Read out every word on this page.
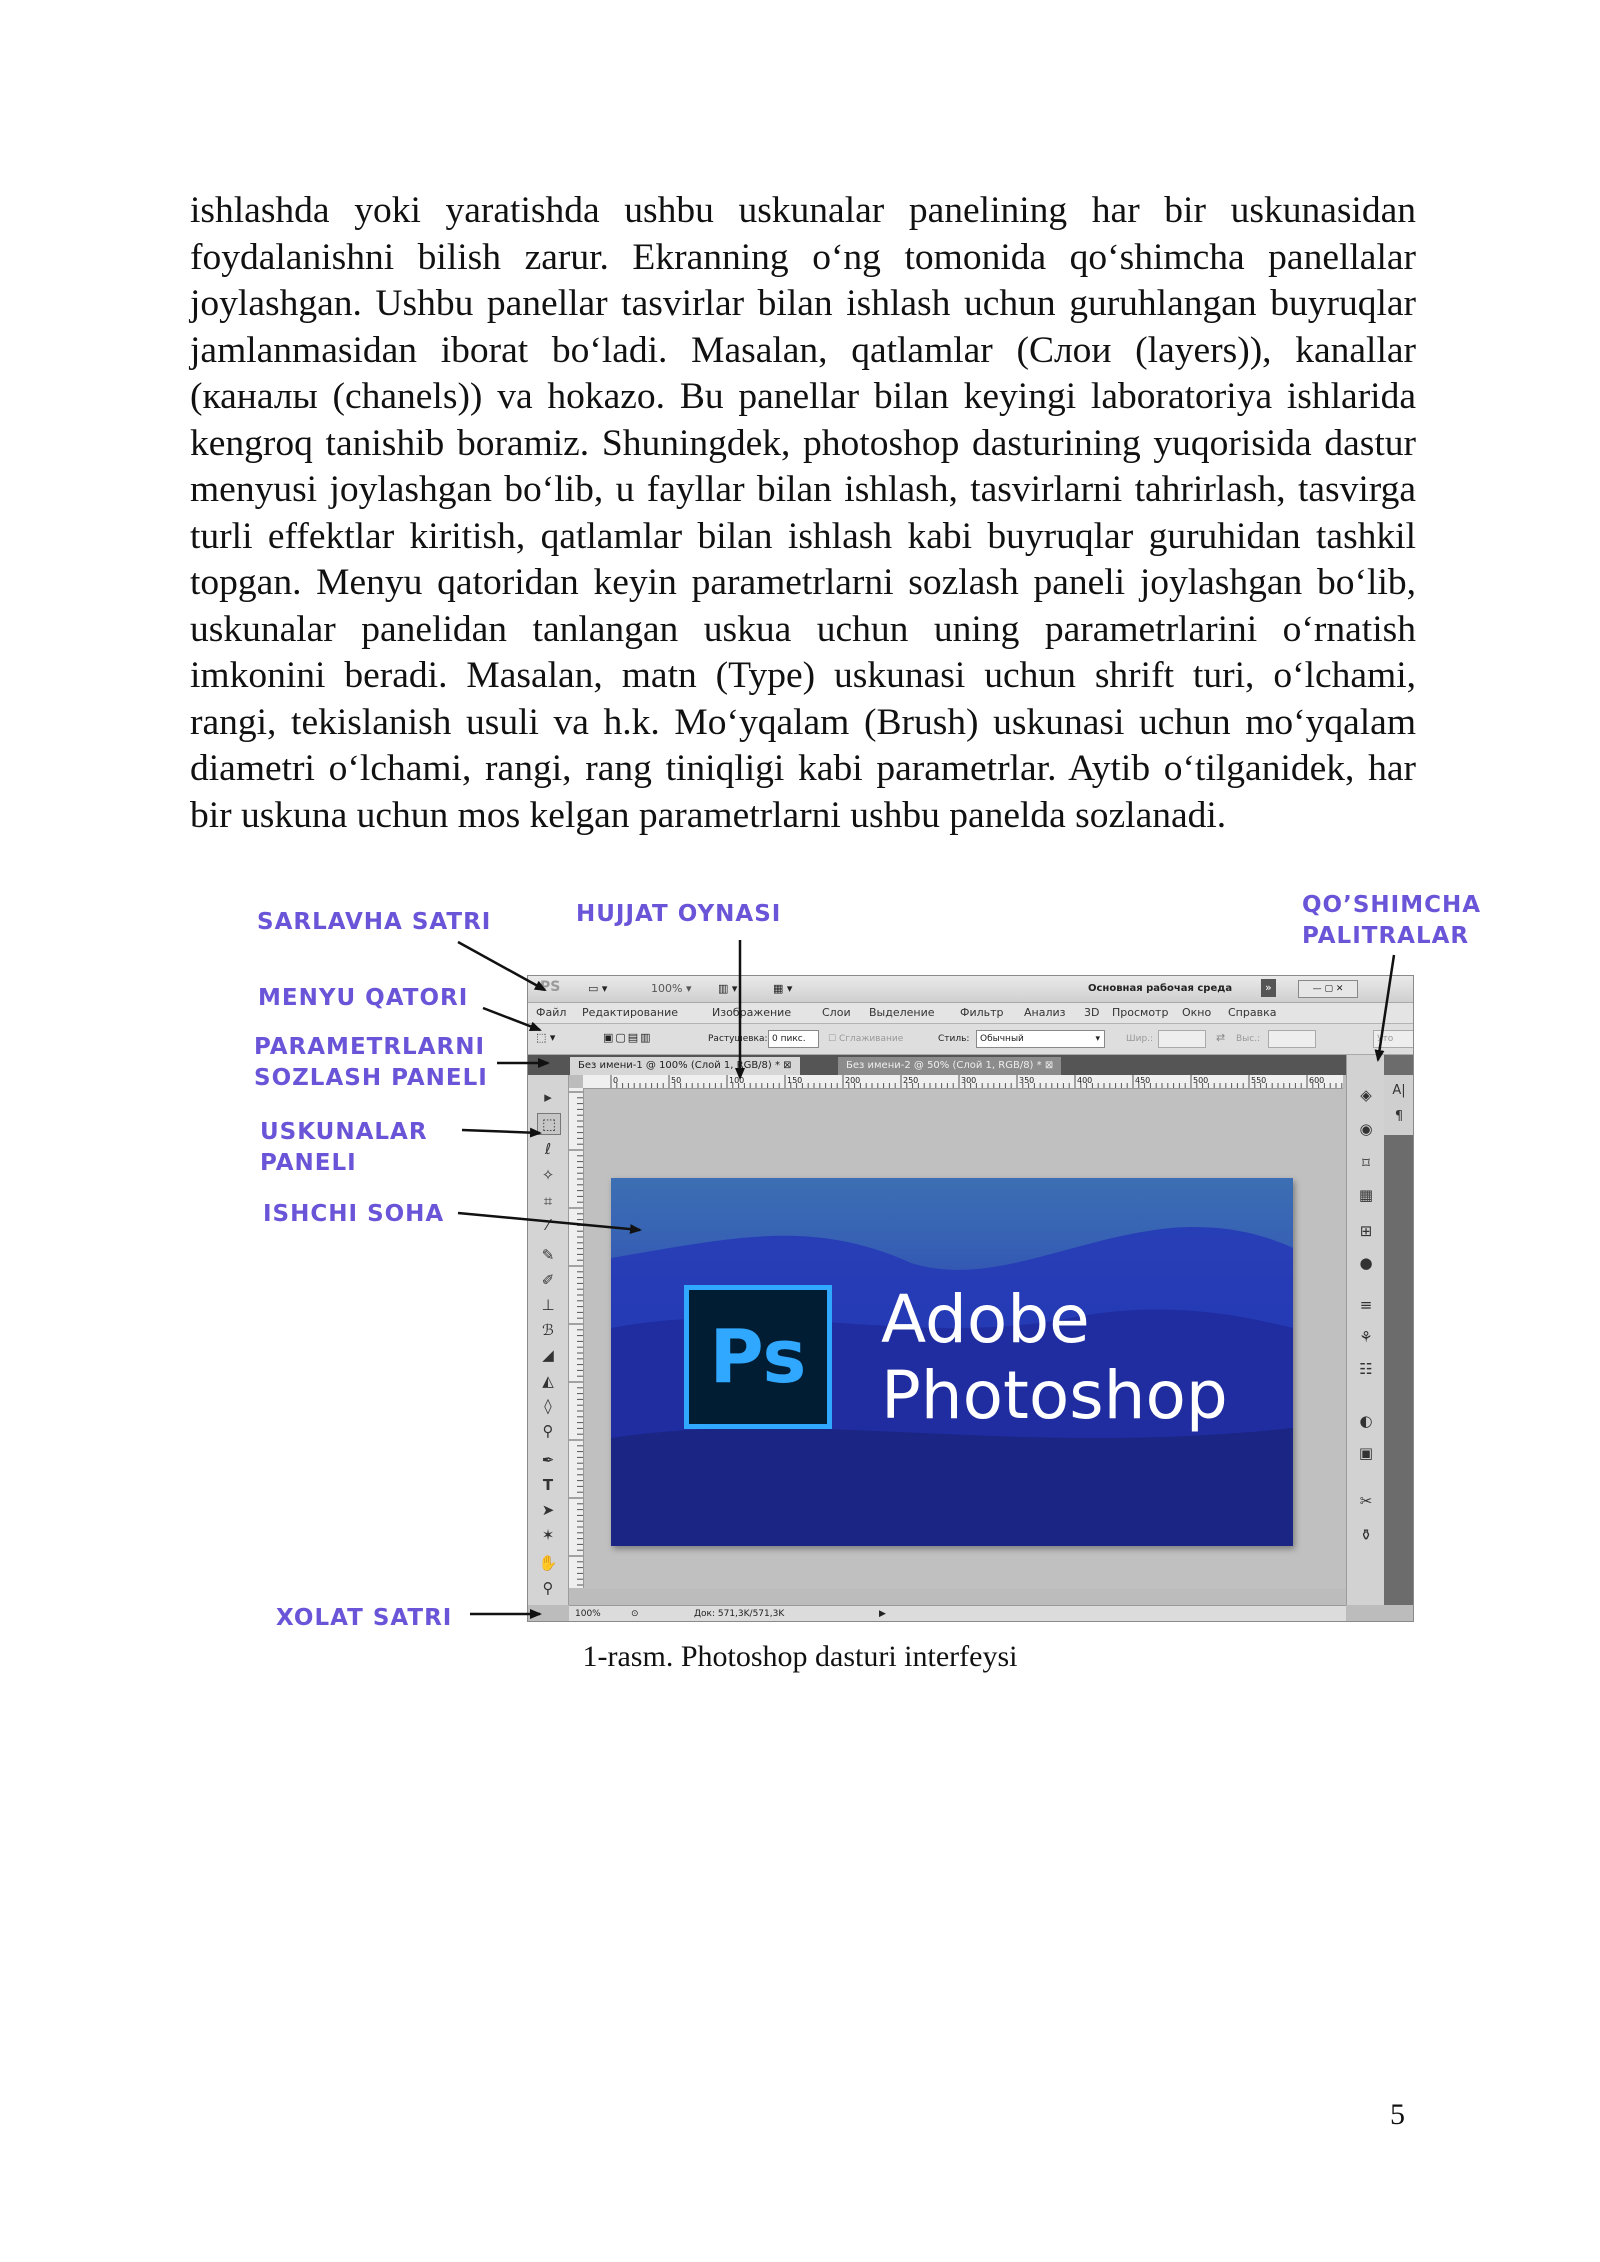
ishlashda yoki yaratishda ushbu uskunalar panelining har bir uskunasidan foydalanishni bilish zarur. Ekranning o‘ng tomonida qo‘shimcha panellalar joylashgan. Ushbu panellar tasvirlar bilan ishlash uchun guruhlangan buyruqlar jamlanmasidan iborat bo‘ladi. Masalan, qatlamlar (Слои (layers)), kanallar (каналы (chanels)) va hokazo. Bu panellar bilan keyingi laboratoriya ishlarida kengroq tanishib boramiz. Shuningdek, photoshop dasturining yuqorisida dastur menyusi joylashgan bo‘lib, u fayllar bilan ishlash, tasvirlarni tahrirlash, tasvirga turli effektlar kiritish, qatlamlar bilan ishlash kabi buyruqlar guruhidan tashkil topgan. Menyu qatoridan keyin parametrlarni sozlash paneli joylashgan bo‘lib, uskunalar panelidan tanlangan uskua uchun uning parametrlarini o‘rnatish imkonini beradi. Masalan, matn (Type) uskunasi uchun shrift turi, o‘lchami, rangi, tekislanish usuli va h.k. Mo‘yqalam (Brush) uskunasi uchun mo‘yqalam diametri o‘lchami, rangi, rang tiniqligi kabi parametrlar. Aytib o‘tilganidek, har bir uskuna uchun mos kelgan parametrlarni ushbu panelda sozlanadi.

SARLAVHA SATRI	HUJJAT OYNASI	QO’SHIMCHA
PALITRALAR
MENYU QATORI
PARAMETRLARNI
SOZLASH PANELI
USKUNALAR
PANELI
ISHCHI SOHA
XOLAT SATRI
PS	▭ ▾	100% ▾ ▥ ▾	▦ ▾	Основная рабочая среда	»	— ▢ ✕
Файл Редактирование	Изображение	Слои Выделение Фильтр Анализ 3D Просмотр Окно Справка
⬚ ▾	▣▢▤▥	Растушевка: 0 пикс.	☐ Сглаживание	Стиль:	Обычный	▾	Шир.:	⇄ Выс.:	Уто
Без имени-1 @ 100% (Слой 1, RGB/8) * ⊠	Без имени-2 @ 50% (Слой 1, RGB/8) * ⊠
▸
⬚
ℓ
✧
⌗
⁄
✎
✐
⊥
ℬ
◢
◭
◊
⚲
✒
T
➤
✶
✋
⚲
0	50	100	150	200	250	300	350	400	450	500	550	600
Ps	Adobe
Photoshop
◈
◉
⌑
▦
⊞
●
≡
⚘
☷
◐
▣
✂
⚱
A|
¶
100%	⊙	Док: 571,3K/571,3K	▶
1-rasm. Photoshop dasturi interfeysi
5
